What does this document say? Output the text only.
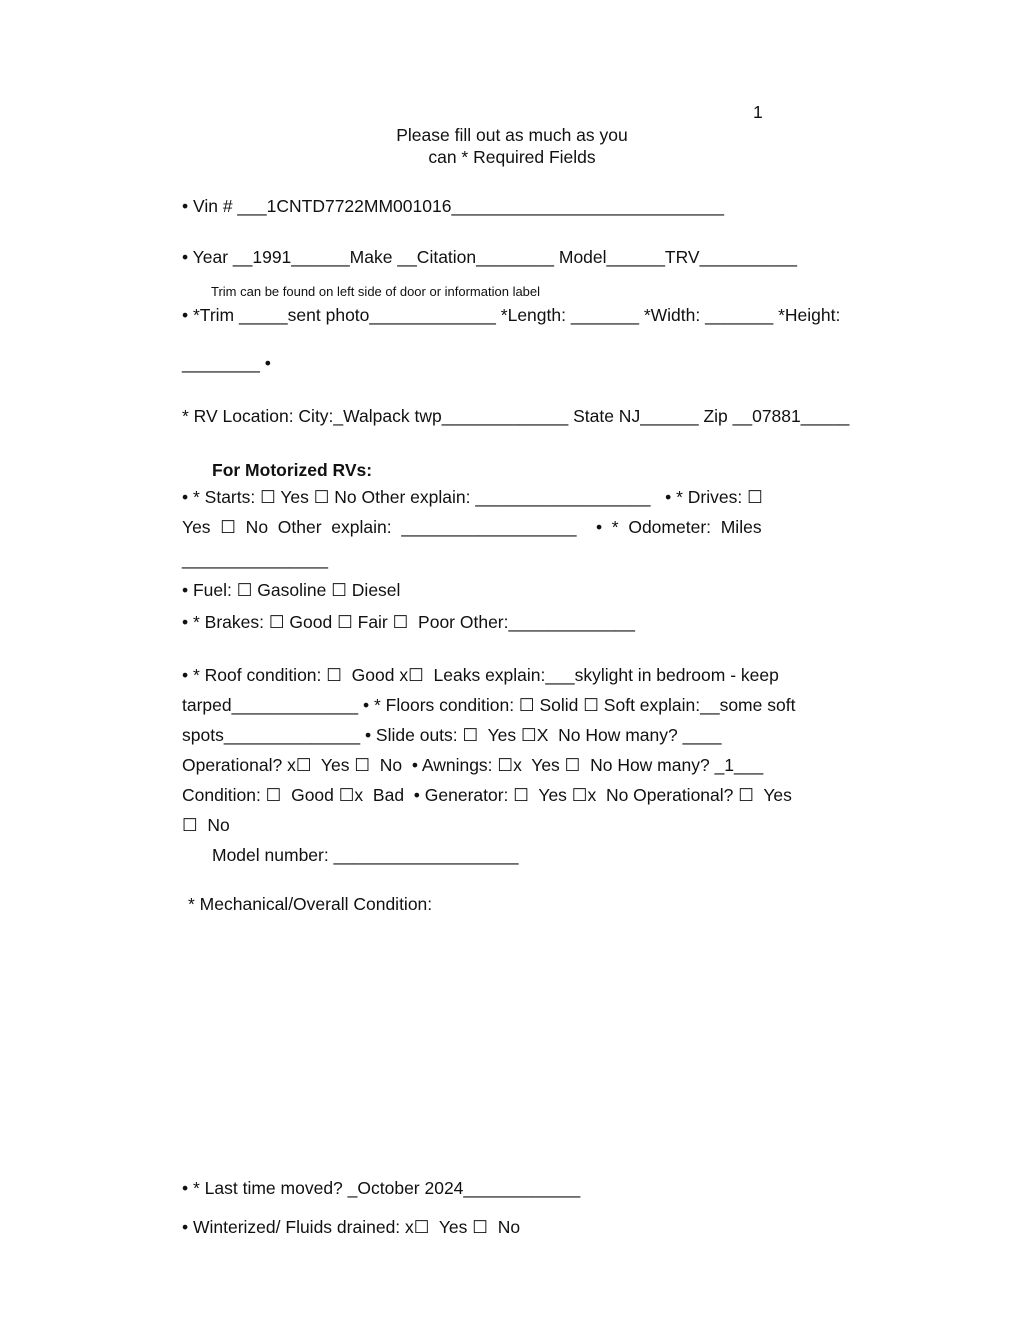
1
Please fill out as much as you
can * Required Fields
• Vin # ___1CNTD7722MM001016____________________________
• Year __1991______Make __Citation________ Model______TRV__________
Trim can be found on left side of door or information label
• *Trim _____sent photo_____________ *Length: _______ *Width: _______ *Height:
________ •
* RV Location: City:_Walpack twp_____________ State NJ______ Zip __07881_____
For Motorized RVs:
• * Starts: ☐ Yes ☐ No Other explain: __________________   • * Drives: ☐
Yes  ☐  No  Other  explain:  __________________    •  *  Odometer:  Miles
_______________
• Fuel: ☐ Gasoline ☐ Diesel
• * Brakes: ☐ Good ☐ Fair ☐  Poor Other:_____________
• * Roof condition: ☐  Good x☐  Leaks explain:___skylight in bedroom - keep
tarped_____________ • * Floors condition: ☐ Solid ☐ Soft explain:__some soft
spots______________ • Slide outs: ☐  Yes ☐X  No How many? ____
Operational? x☐  Yes ☐  No  • Awnings: ☐x  Yes ☐  No How many? _1___
Condition: ☐  Good ☐x  Bad  • Generator: ☐  Yes ☐x  No Operational? ☐  Yes
☐  No
Model number: ___________________
* Mechanical/Overall Condition:
• * Last time moved? _October 2024____________
• Winterized/ Fluids drained: x☐  Yes ☐  No
